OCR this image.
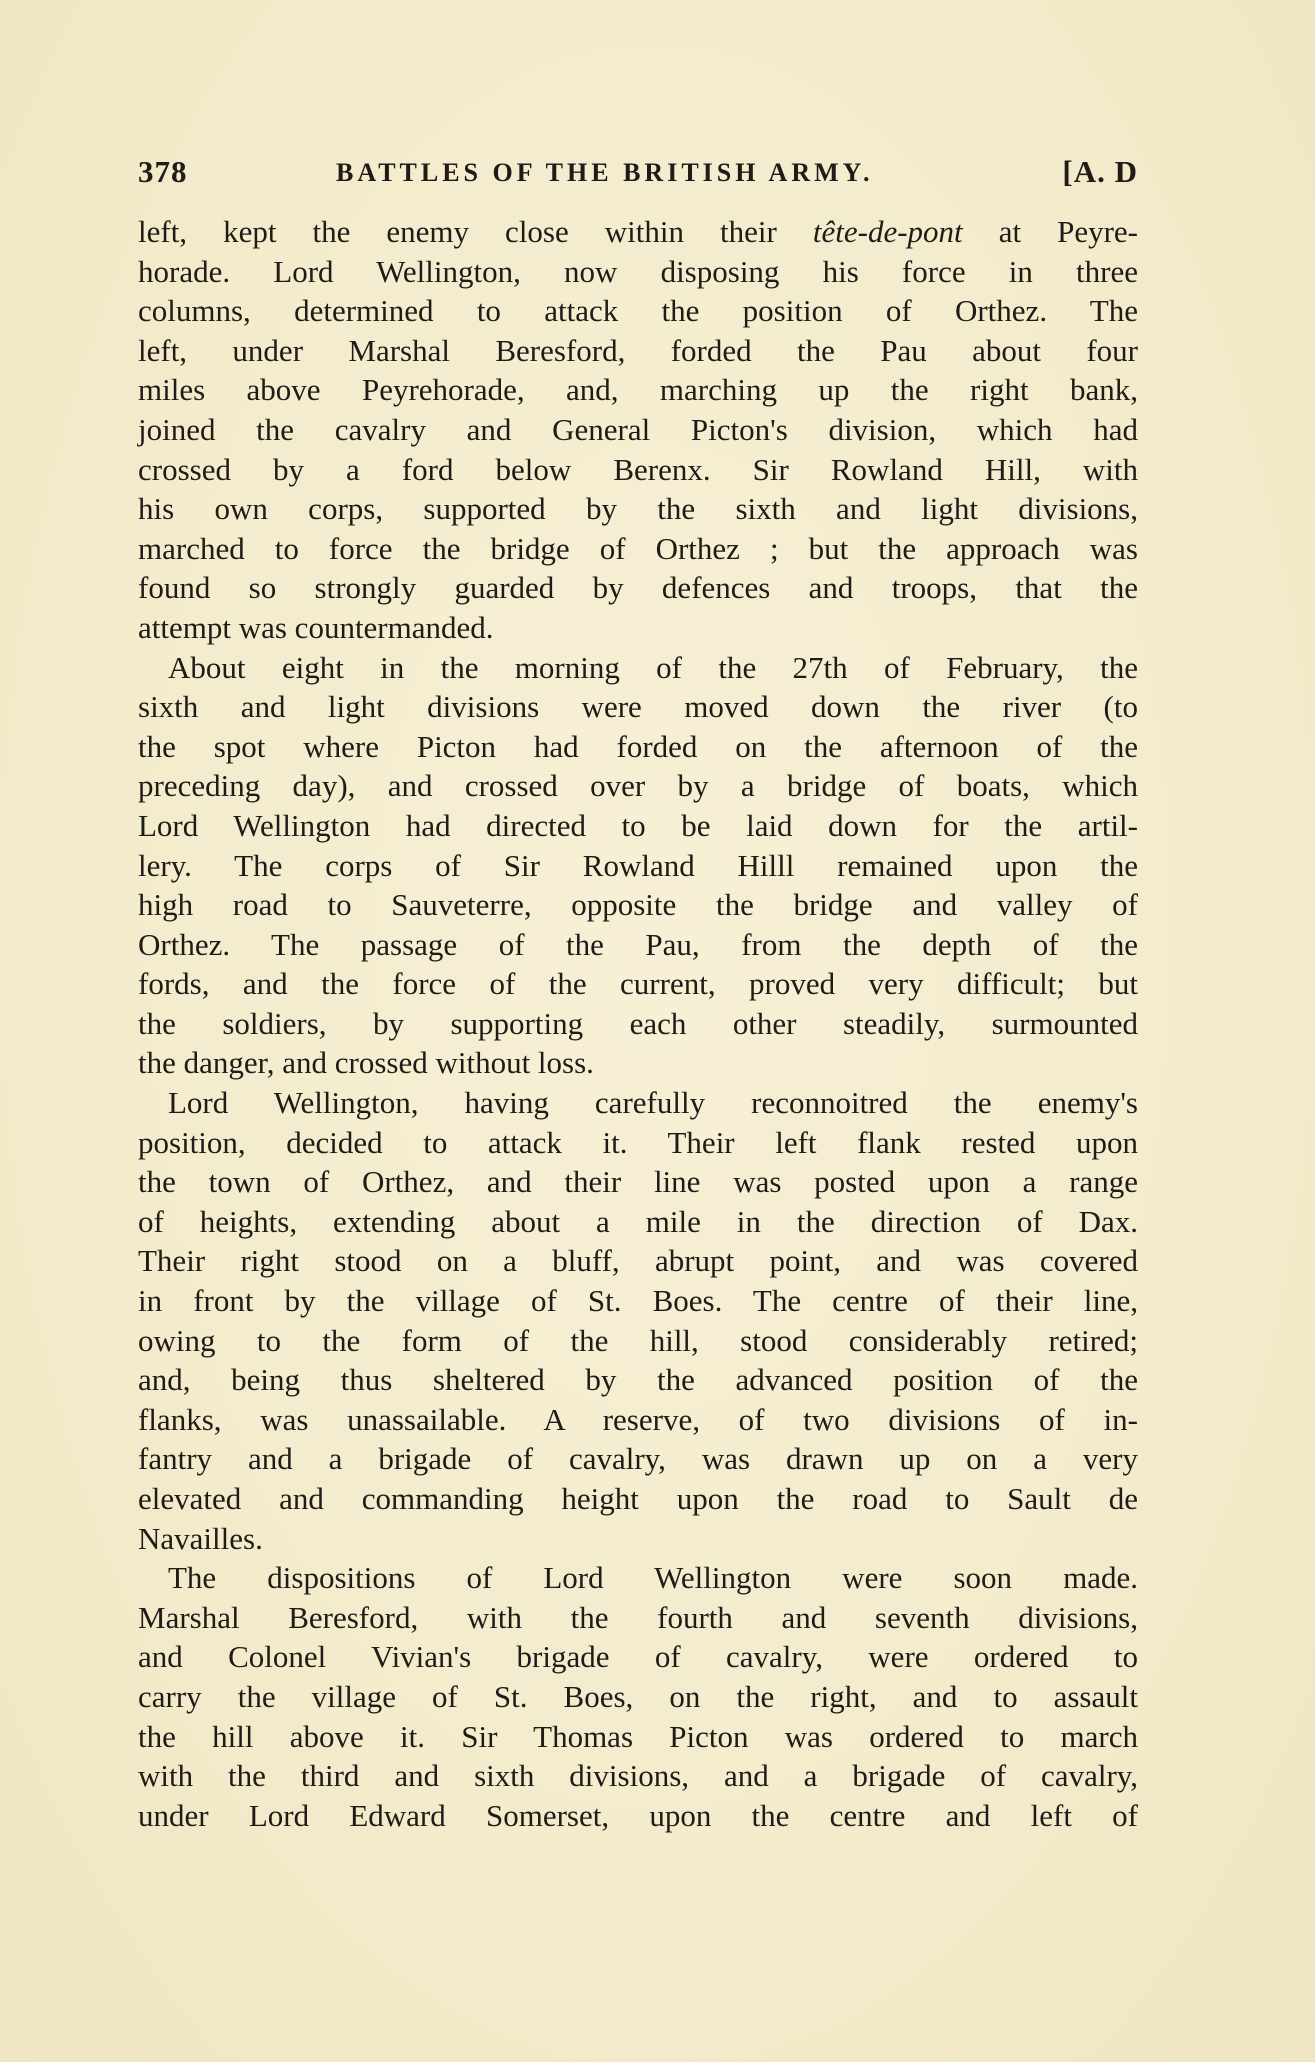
378	BATTLES OF THE BRITISH ARMY.	[A. D
left, kept the enemy close within their tête-de-pont at Peyre-
horade. Lord Wellington, now disposing his force in three
columns, determined to attack the position of Orthez. The
left, under Marshal Beresford, forded the Pau about four
miles above Peyrehorade, and, marching up the right bank,
joined the cavalry and General Picton's division, which had
crossed by a ford below Berenx. Sir Rowland Hill, with
his own corps, supported by the sixth and light divisions,
marched to force the bridge of Orthez ; but the approach was
found so strongly guarded by defences and troops, that the
attempt was countermanded.
About eight in the morning of the 27th of February, the
sixth and light divisions were moved down the river (to
the spot where Picton had forded on the afternoon of the
preceding day), and crossed over by a bridge of boats, which
Lord Wellington had directed to be laid down for the artil-
lery. The corps of Sir Rowland Hilll remained upon the
high road to Sauveterre, opposite the bridge and valley of
Orthez. The passage of the Pau, from the depth of the
fords, and the force of the current, proved very difficult; but
the soldiers, by supporting each other steadily, surmounted
the danger, and crossed without loss.
Lord Wellington, having carefully reconnoitred the enemy's
position, decided to attack it. Their left flank rested upon
the town of Orthez, and their line was posted upon a range
of heights, extending about a mile in the direction of Dax.
Their right stood on a bluff, abrupt point, and was covered
in front by the village of St. Boes. The centre of their line,
owing to the form of the hill, stood considerably retired;
and, being thus sheltered by the advanced position of the
flanks, was unassailable. A reserve, of two divisions of in-
fantry and a brigade of cavalry, was drawn up on a very
elevated and commanding height upon the road to Sault de
Navailles.
The dispositions of Lord Wellington were soon made.
Marshal Beresford, with the fourth and seventh divisions,
and Colonel Vivian's brigade of cavalry, were ordered to
carry the village of St. Boes, on the right, and to assault
the hill above it. Sir Thomas Picton was ordered to march
with the third and sixth divisions, and a brigade of cavalry,
under Lord Edward Somerset, upon the centre and left of
